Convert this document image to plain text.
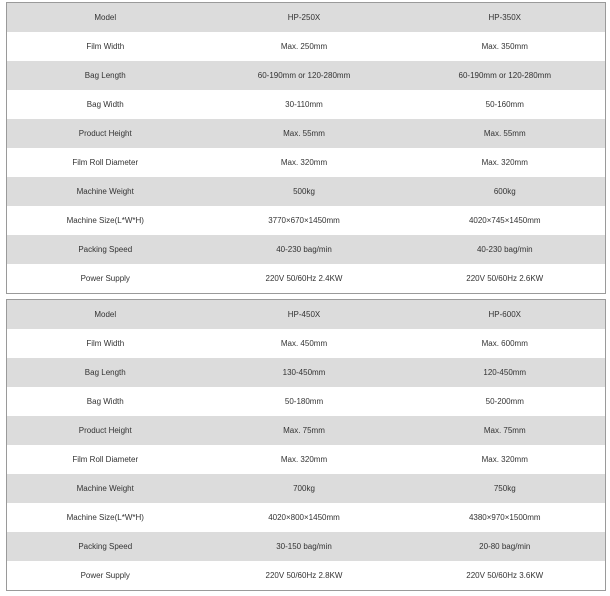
Model	HP-250X	HP-350X
Film Width	Max. 250mm	Max. 350mm
Bag Length	60-190mm or 120-280mm	60-190mm or 120-280mm
Bag Width	30-110mm	50-160mm
Product Height	Max. 55mm	Max. 55mm
Film Roll Diameter	Max. 320mm	Max. 320mm
Machine Weight	500kg	600kg
Machine Size(L*W*H)	3770×670×1450mm	4020×745×1450mm
Packing Speed	40-230 bag/min	40-230 bag/min
Power Supply	220V 50/60Hz 2.4KW	220V 50/60Hz 2.6KW
Model	HP-450X	HP-600X
Film Width	Max. 450mm	Max. 600mm
Bag Length	130-450mm	120-450mm
Bag Width	50-180mm	50-200mm
Product Height	Max. 75mm	Max. 75mm
Film Roll Diameter	Max. 320mm	Max. 320mm
Machine Weight	700kg	750kg
Machine Size(L*W*H)	4020×800×1450mm	4380×970×1500mm
Packing Speed	30-150 bag/min	20-80 bag/min
Power Supply	220V 50/60Hz 2.8KW	220V 50/60Hz 3.6KW
